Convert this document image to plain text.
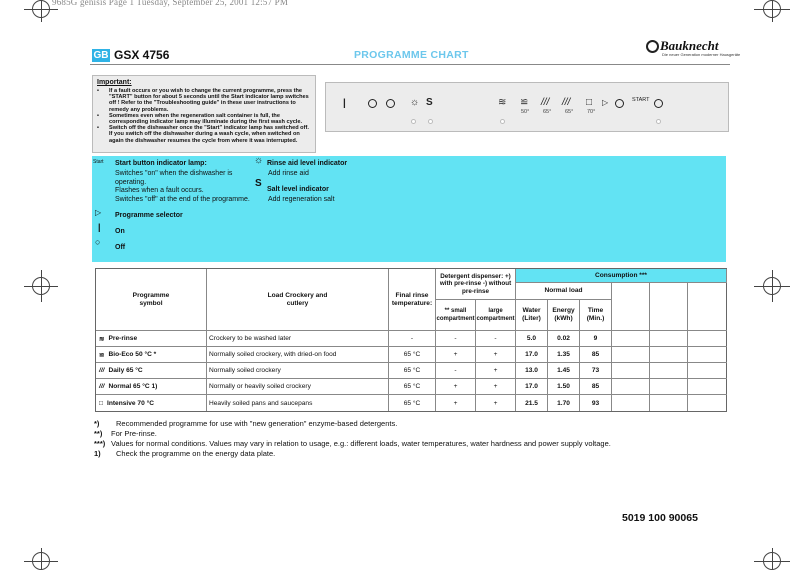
9685G genisis Page 1 Tuesday, September 25, 2001 12:57 PM
GB GSX 4756	PROGRAMME CHART
Bauknecht
Die neuer Generation moderner Hausgeräte
Important:
• If a fault occurs or you wish to change the current programme, press the "START" button for about 5 seconds until the Start indicator lamp switches off ! Refer to the "Troubleshooting guide" in these user instructions to remedy any problems.
• Sometimes even when the regeneration salt container is full, the corresponding indicator lamp may illuminate during the first wash cycle.
• Switch off the dishwasher once the "Start" indicator lamp has switched off. If you switch off the dishwasher during a wash cycle, when switched on again the dishwasher resumes the cycle from where it was interrupted.
|	☼ S	≋ ≌ /// /// □
50° 65° 65° 70°
▷	START
Start Start button indicator lamp:
Switches "on" when the dishwasher is operating.
Flashes when a fault occurs.
Switches "off" at the end of the programme.
☼ Rinse aid level indicator
Add rinse aid
S
Salt level indicator
Add regeneration salt
Programme selector
On
Off
▷
|
○
Programme symbol
Load Crockery and cutlery
Final rinse temperature:
Detergent dispenser: +) with pre-rinse -) without pre-rinse
** small compartment
large compartment
Consumption ***
Normal load
Water (Liter)
Energy (kWh)
Time (Min.)
≋ Pre-rinse	Crockery to be washed later	-	-	-	5.0	0.02	9
≌ Bio-Eco 50 °C *	Normally soiled crockery, with dried-on food	65 °C	+	+	17.0	1.35	85
/// Daily 65 °C	Normally soiled crockery	65 °C	-	+	13.0	1.45	73
/// Normal 65 °C 1)	Normally or heavily soiled crockery	65 °C	+	+	17.0	1.50	85
□ Intensive 70 °C	Heavily soiled pans and saucepans	65 °C	+	+	21.5	1.70	93
*) Recommended programme for use with "new generation" enzyme-based detergents.
**) For Pre-rinse.
***) Values for normal conditions. Values may vary in relation to usage, e.g.: different loads, water temperatures, water hardness and power supply voltage.
1) Check the programme on the energy data plate.
5019 100 90065
